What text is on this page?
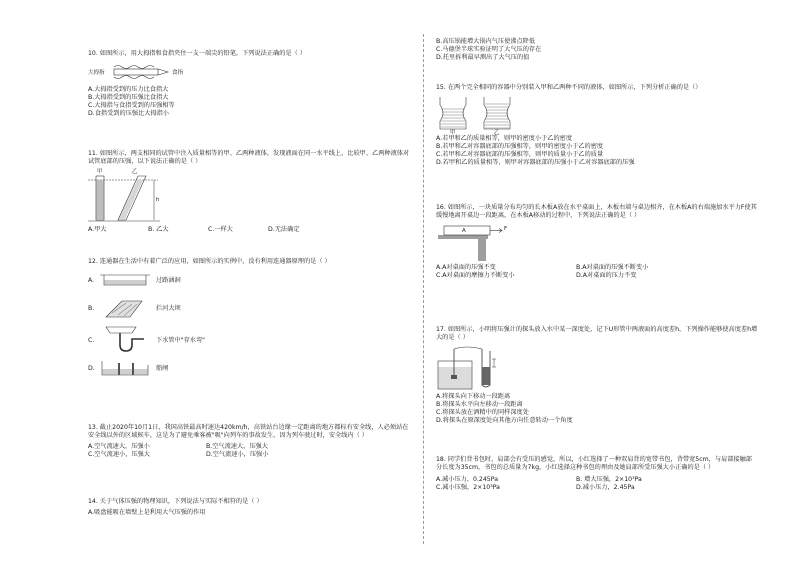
10. 如图所示，用大拇指和食指夹住一支一端尖的铅笔，下列说法正确的是（ ）
大拇指	食指
A.大拇指受到的压力比食指大
B.大拇指受到的压强比食指大
C.大拇指与食指受到的压强相等
D.食指受到的压强比大拇指小
11. 如图所示，两支相同的试管中注入质量相等的甲、乙两种液体，发现液面在同一水平线上，比较甲、乙两种液体对试管底部的压强，以下说法正确的是（ ）
甲	乙
h
A.甲大	B. 乙大	C.一样大	D.无法确定
12. 连通器在生活中有着广泛的应用，如图所示的实例中，没有利用连通器原理的是（ ）
A.	过路涵洞
B.	拦河大坝
C.	下水管中"存水弯"
D.	船闸
13. 截止2020年10月1日，我国高铁最高时速达420km/h，高铁站台边缘一定距离的地方都标有安全线，人必须站在安全线以外的区域候车，这是为了避免乘客被"吸"向列车的事故发生，因为列车驶过时，安全线内（ ）
A.空气流速大，压强小	B.空气流速大，压强大
C.空气流速小，压强大	D.空气流速小，压强小
14. 关于气体压强的物理知识，下列说法与实际不相符的是（ ）
A.吸盘能吸在墙壁上是利用大气压强的作用
B.高压锅能增大锅内气压使沸点降低
C.马德堡半球实验证明了大气压的存在
D.托里拆利最早测出了大气压的值
15. 在两个完全相同的容器中分别装入甲和乙两种不同的液体，如图所示，下列分析正确的是（）
甲	乙
A.若甲和乙的质量相等，则甲的密度小于乙的密度
B.若甲和乙对容器底部的压强相等，则甲的密度小于乙的密度
C.若甲和乙对容器底部的压强相等，则甲的质量小于乙的质量
D.若甲和乙的质量相等，则甲对容器底部的压强小于乙对容器底部的压强
16. 如图所示，一块质量分布均匀的长木板A放在水平桌面上，木板右端与桌边相齐，在木板A的右端施加水平力F使其缓慢地离开桌边一段距离，在木板A移动的过程中，下列说法正确的是（ ）
A	F
A.A对桌面的压强不变	B.A对桌面的压强不断变小
C.A对桌面的摩擦力不断变小	D.A对桌面的压力不变
17. 如图所示，小明将压强计的探头放入水中某一深度处，记下U形管中两液面的高度差h，下列操作能够使高度差h增大的是（ ）
A.将探头向下移动一段距离
B.将探头水平向左移动一段距离
C.将探头放在酒精中的同样深度处
D.将探头在原深度处向其他方向任意转动一个角度
18. 同学们背书包时，肩部会有受压的感觉，所以，小红选择了一种双肩背的宽带书包，背带宽5cm，与肩部接触部分长度为35cm，书包的总质量为7kg，小红选择这种书包的理由及她肩部所受压强大小正确的是（ ）
A.减小压力，0.245Pa	B. 增大压强，2×10³Pa
C.减小压强，2×10³Pa	D.减小压力，2.45Pa
